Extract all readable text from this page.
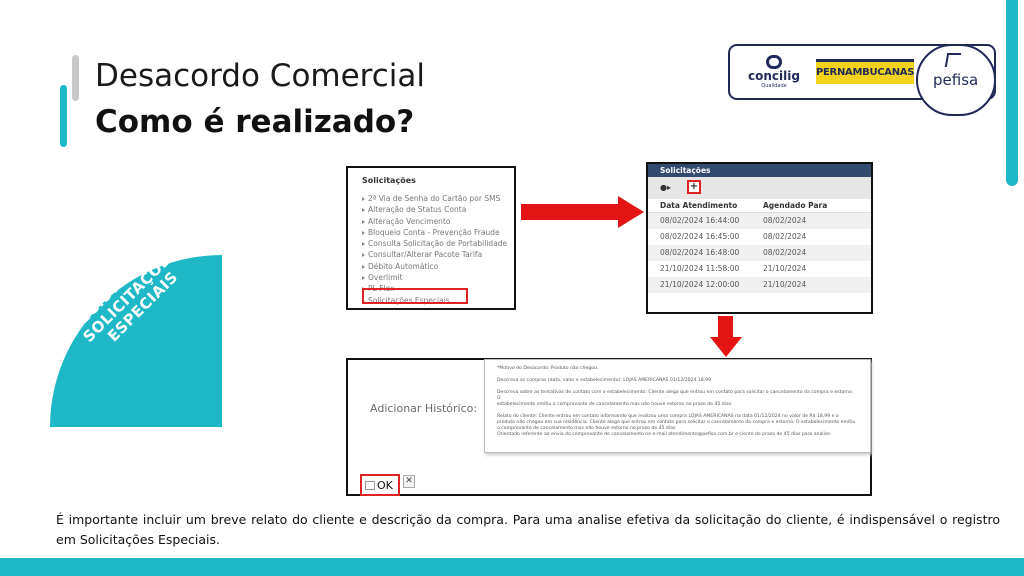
Desacordo Comercial
Como é realizado?
concilig
Qualidade
PERNAMBUCANAS pefisa
REGISTRAR EM SOLICITAÇÕES ESPECIAIS
Solicitações
2ª Via de Senha do Cartão por SMS
Alteração de Status Conta
Alteração Vencimento
Bloqueio Conta - Prevenção Fraude
Consulta Solicitação de Portabilidade
Consultar/Alterar Pacote Tarifa
Débito Automático
Overlimit
PL Flex
Solicitações Especiais
Solicitações
●▸ +
Data Atendimento	Agendado Para
08/02/2024 16:44:00	08/02/2024
08/02/2024 16:45:00	08/02/2024
08/02/2024 16:48:00	08/02/2024
21/10/2024 11:58:00	21/10/2024
21/10/2024 12:00:00	21/10/2024
Adicionar Histórico:
*Motivo do Desacordo: Produto não chegou.
Descreva as compras (data, valor e estabelecimento): LOJAS AMERICANAS 01/12/2024 18,99
Descreva sobre as tentativas de contato com o estabelecimento: Cliente alega que entrou em contato para solicitar o cancelamento da compra e estorno. O
estabelecimento emitiu o comprovante de cancelamento mas não houve estorno no prazo de 45 dias.
Relato do cliente: Cliente entrou em contato informando que realizou uma compra LOJAS AMERICANAS na data 01/12/2024 no valor de R$ 18,99 e o
produto não chegou em sua residência. Cliente alega que entrou em contato para solicitar o cancelamento da compra e estorno. O estabelecimento emitiu
o comprovante de cancelamento mas não houve estorno no prazo de 45 dias.
Orientado referente ao envio do comprovante de cancelamento no e-mail atendimento@pefisa.com.br e ciente do prazo de 45 dias para analise.
OK	✕
É importante incluir um breve relato do cliente e descrição da compra. Para uma analise efetiva da solicitação do cliente, é indispensável o registro em Solicitações Especiais.
